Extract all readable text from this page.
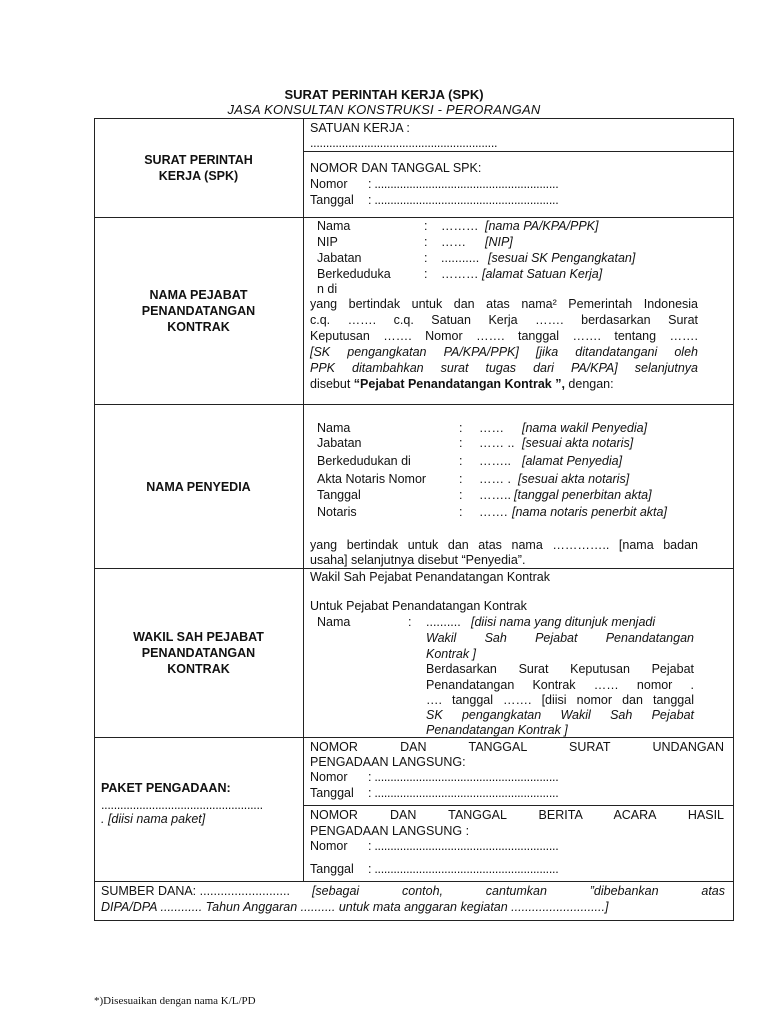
SURAT PERINTAH KERJA (SPK)
JASA KONSULTAN KONSTRUKSI - PERORANGAN
SURAT PERINTAH KERJA (SPK)
SATUAN KERJA :
...........................................................
NOMOR DAN TANGGAL SPK:
Nomor : ..........................................................
Tanggal : ..........................................................
NAMA PEJABAT PENANDATANGAN KONTRAK
Nama	: ……… [nama PA/KPA/PPK]
NIP	: …… [NIP]
Jabatan	: ........... [sesuai SK Pengangkatan]
Berkeduduka	: ……… [alamat Satuan Kerja]
n di
yang bertindak untuk dan atas nama² Pemerintah Indonesia
c.q. ……. c.q. Satuan Kerja ……. berdasarkan Surat
Keputusan ……. Nomor ……. tanggal ……. tentang …….
[SK pengangkatan PA/KPA/PPK] [jika ditandatangani oleh
PPK ditambahkan surat tugas dari PA/KPA] selanjutnya
disebut “Pejabat Penandatangan Kontrak ”, dengan:
NAMA PENYEDIA
Nama	: …… [nama wakil Penyedia]
Jabatan	: …… .. [sesuai akta notaris]
Berkedudukan di	: …….. [alamat Penyedia]
Akta Notaris Nomor	: …… . [sesuai akta notaris]
Tanggal	: …….. [tanggal penerbitan akta]
Notaris	: ……. [nama notaris penerbit akta]
yang bertindak untuk dan atas nama ………….. [nama badan
usaha] selanjutnya disebut “Penyedia”.
WAKIL SAH PEJABAT PENANDATANGAN KONTRAK
Wakil Sah Pejabat Penandatangan Kontrak
Untuk Pejabat Penandatangan Kontrak
Nama	: .......... [diisi nama yang ditunjuk menjadi
Wakil Sah Pejabat Penandatangan
Kontrak ]
Berdasarkan Surat Keputusan Pejabat
Penandatangan Kontrak …… nomor .
…. tanggal ……. [diisi nomor dan tanggal
SK pengangkatan Wakil Sah Pejabat
Penandatangan Kontrak ]
PAKET PENGADAAN:
...................................................
. [diisi nama paket]
NOMOR DAN TANGGAL SURAT UNDANGAN
PENGADAAN LANGSUNG:
Nomor : ..........................................................
Tanggal : ..........................................................
NOMOR DAN TANGGAL BERITA ACARA HASIL
PENGADAAN LANGSUNG :
Nomor : ..........................................................
Tanggal : ..........................................................
SUMBER DANA: .......................... [sebagai contoh, cantumkan ”dibebankan atas
DIPA/DPA ............ Tahun Anggaran .......... untuk mata anggaran kegiatan ...........................]
*)Disesuaikan dengan nama K/L/PD
